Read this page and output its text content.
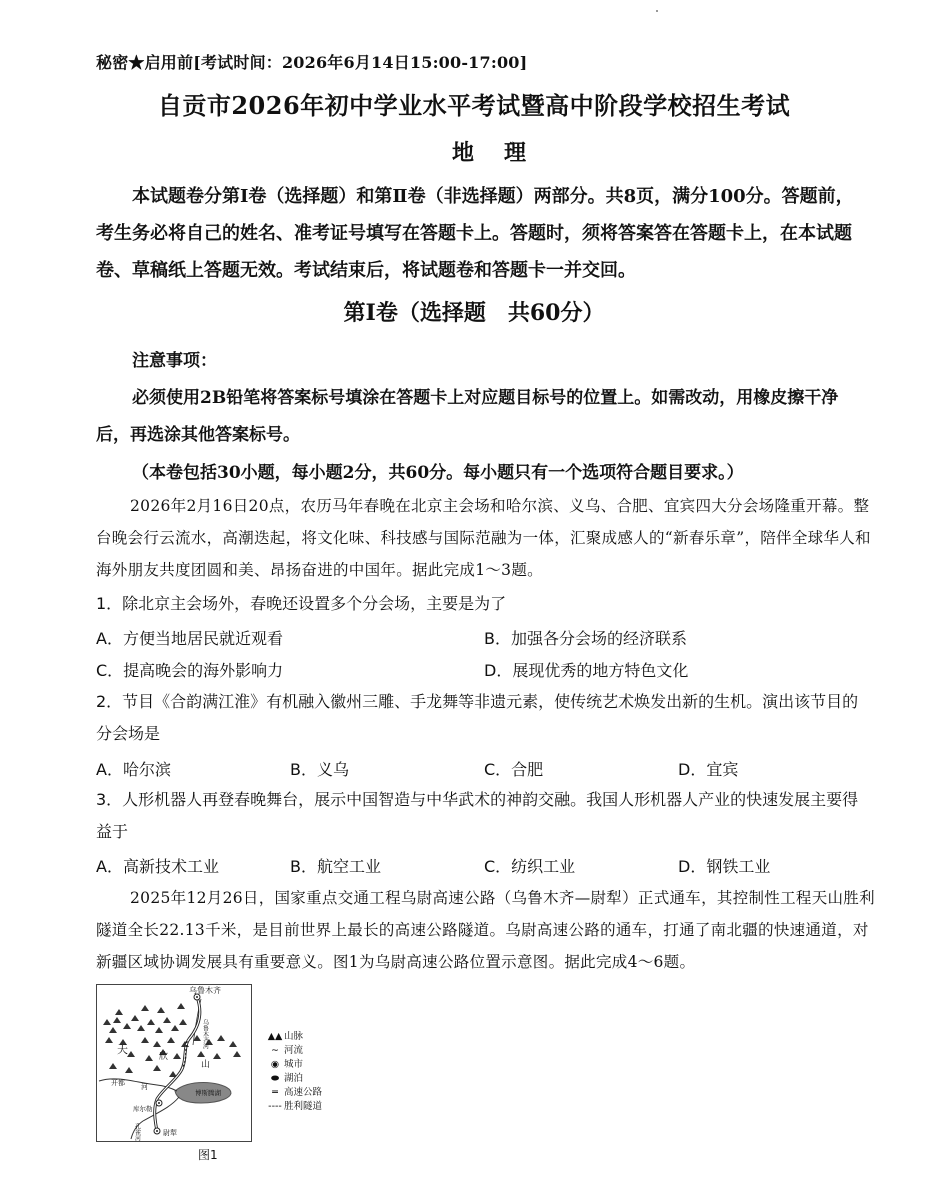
秘密★启用前[考试时间：2026年6月14日15:00-17:00]
自贡市2026年初中学业水平考试暨高中阶段学校招生考试
地理

本试题卷分第Ⅰ卷（选择题）和第Ⅱ卷（非选择题）两部分。共8页，满分100分。答题前，考生务必将自己的姓名、准考证号填写在答题卡上。答题时，须将答案答在答题卡上，在本试题卷、草稿纸上答题无效。考试结束后，将试题卷和答题卡一并交回。

第Ⅰ卷（选择题　共60分）
注意事项：

必须使用2B铅笔将答案标号填涂在答题卡上对应题目标号的位置上。如需改动，用橡皮擦干净后，再选涂其他答案标号。

（本卷包括30小题，每小题2分，共60分。每小题只有一个选项符合题目要求。）

2026年2月16日20点，农历马年春晚在北京主会场和哈尔滨、义乌、合肥、宜宾四大分会场隆重开幕。整台晚会行云流水，高潮迭起，将文化味、科技感与国际范融为一体，汇聚成感人的“新春乐章”，陪伴全球华人和海外朋友共度团圆和美、昂扬奋进的中国年。据此完成1～3题。

1．除北京主会场外，春晚还设置多个分会场，主要是为了

A．方便当地居民就近观看	B．加强各分会场的经济联系
C．提高晚会的海外影响力	D．展现优秀的地方特色文化

2．节目《合韵满江淮》有机融入徽州三雕、手龙舞等非遗元素，使传统艺术焕发出新的生机。演出该节目的分会场是

A．哈尔滨	B．义乌	C．合肥	D．宜宾

3．人形机器人再登春晚舞台，展示中国智造与中华武术的神韵交融。我国人形机器人产业的快速发展主要得益于

A．高新技术工业	B．航空工业	C．纺织工业	D．钢铁工业

2025年12月26日，国家重点交通工程乌尉高速公路（乌鲁木齐—尉犁）正式通车，其控制性工程天山胜利隧道全长22.13千米，是目前世界上最长的高速公路隧道。乌尉高速公路的通车，打通了南北疆的快速通道，对新疆区域协调发展具有重要意义。图1为乌尉高速公路位置示意图。据此完成4～6题。

乌鲁木齐
乌鲁木齐河
天
欣
山
开都 河
博斯腾湖
库尔勒
孔雀河	尉犁
▲▲ 山脉
∼ 河流
◉ 城市
⬬ 湖泊
═ 高速公路
---- 胜利隧道
图1
